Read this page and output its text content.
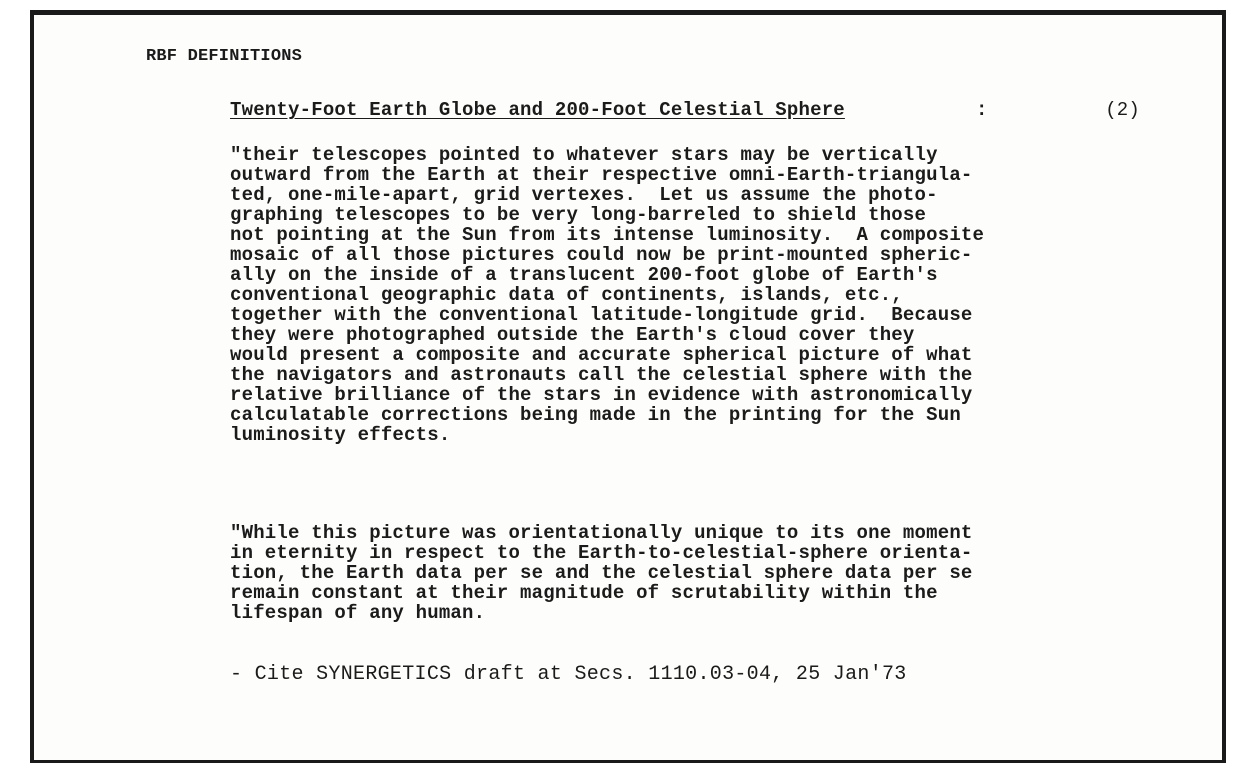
RBF DEFINITIONS
Twenty-Foot Earth Globe and 200-Foot Celestial Sphere	:	(2)
"their telescopes pointed to whatever stars may be vertically
outward from the Earth at their respective omni-Earth-triangula-
ted, one-mile-apart, grid vertexes.  Let us assume the photo-
graphing telescopes to be very long-barreled to shield those
not pointing at the Sun from its intense luminosity.  A composite
mosaic of all those pictures could now be print-mounted spheric-
ally on the inside of a translucent 200-foot globe of Earth's
conventional geographic data of continents, islands, etc.,
together with the conventional latitude-longitude grid.  Because
they were photographed outside the Earth's cloud cover they
would present a composite and accurate spherical picture of what
the navigators and astronauts call the celestial sphere with the
relative brilliance of the stars in evidence with astronomically
calculatable corrections being made in the printing for the Sun
luminosity effects.
"While this picture was orientationally unique to its one moment
in eternity in respect to the Earth-to-celestial-sphere orienta-
tion, the Earth data per se and the celestial sphere data per se
remain constant at their magnitude of scrutability within the
lifespan of any human.
- Cite SYNERGETICS draft at Secs. 1110.03-04, 25 Jan'73
